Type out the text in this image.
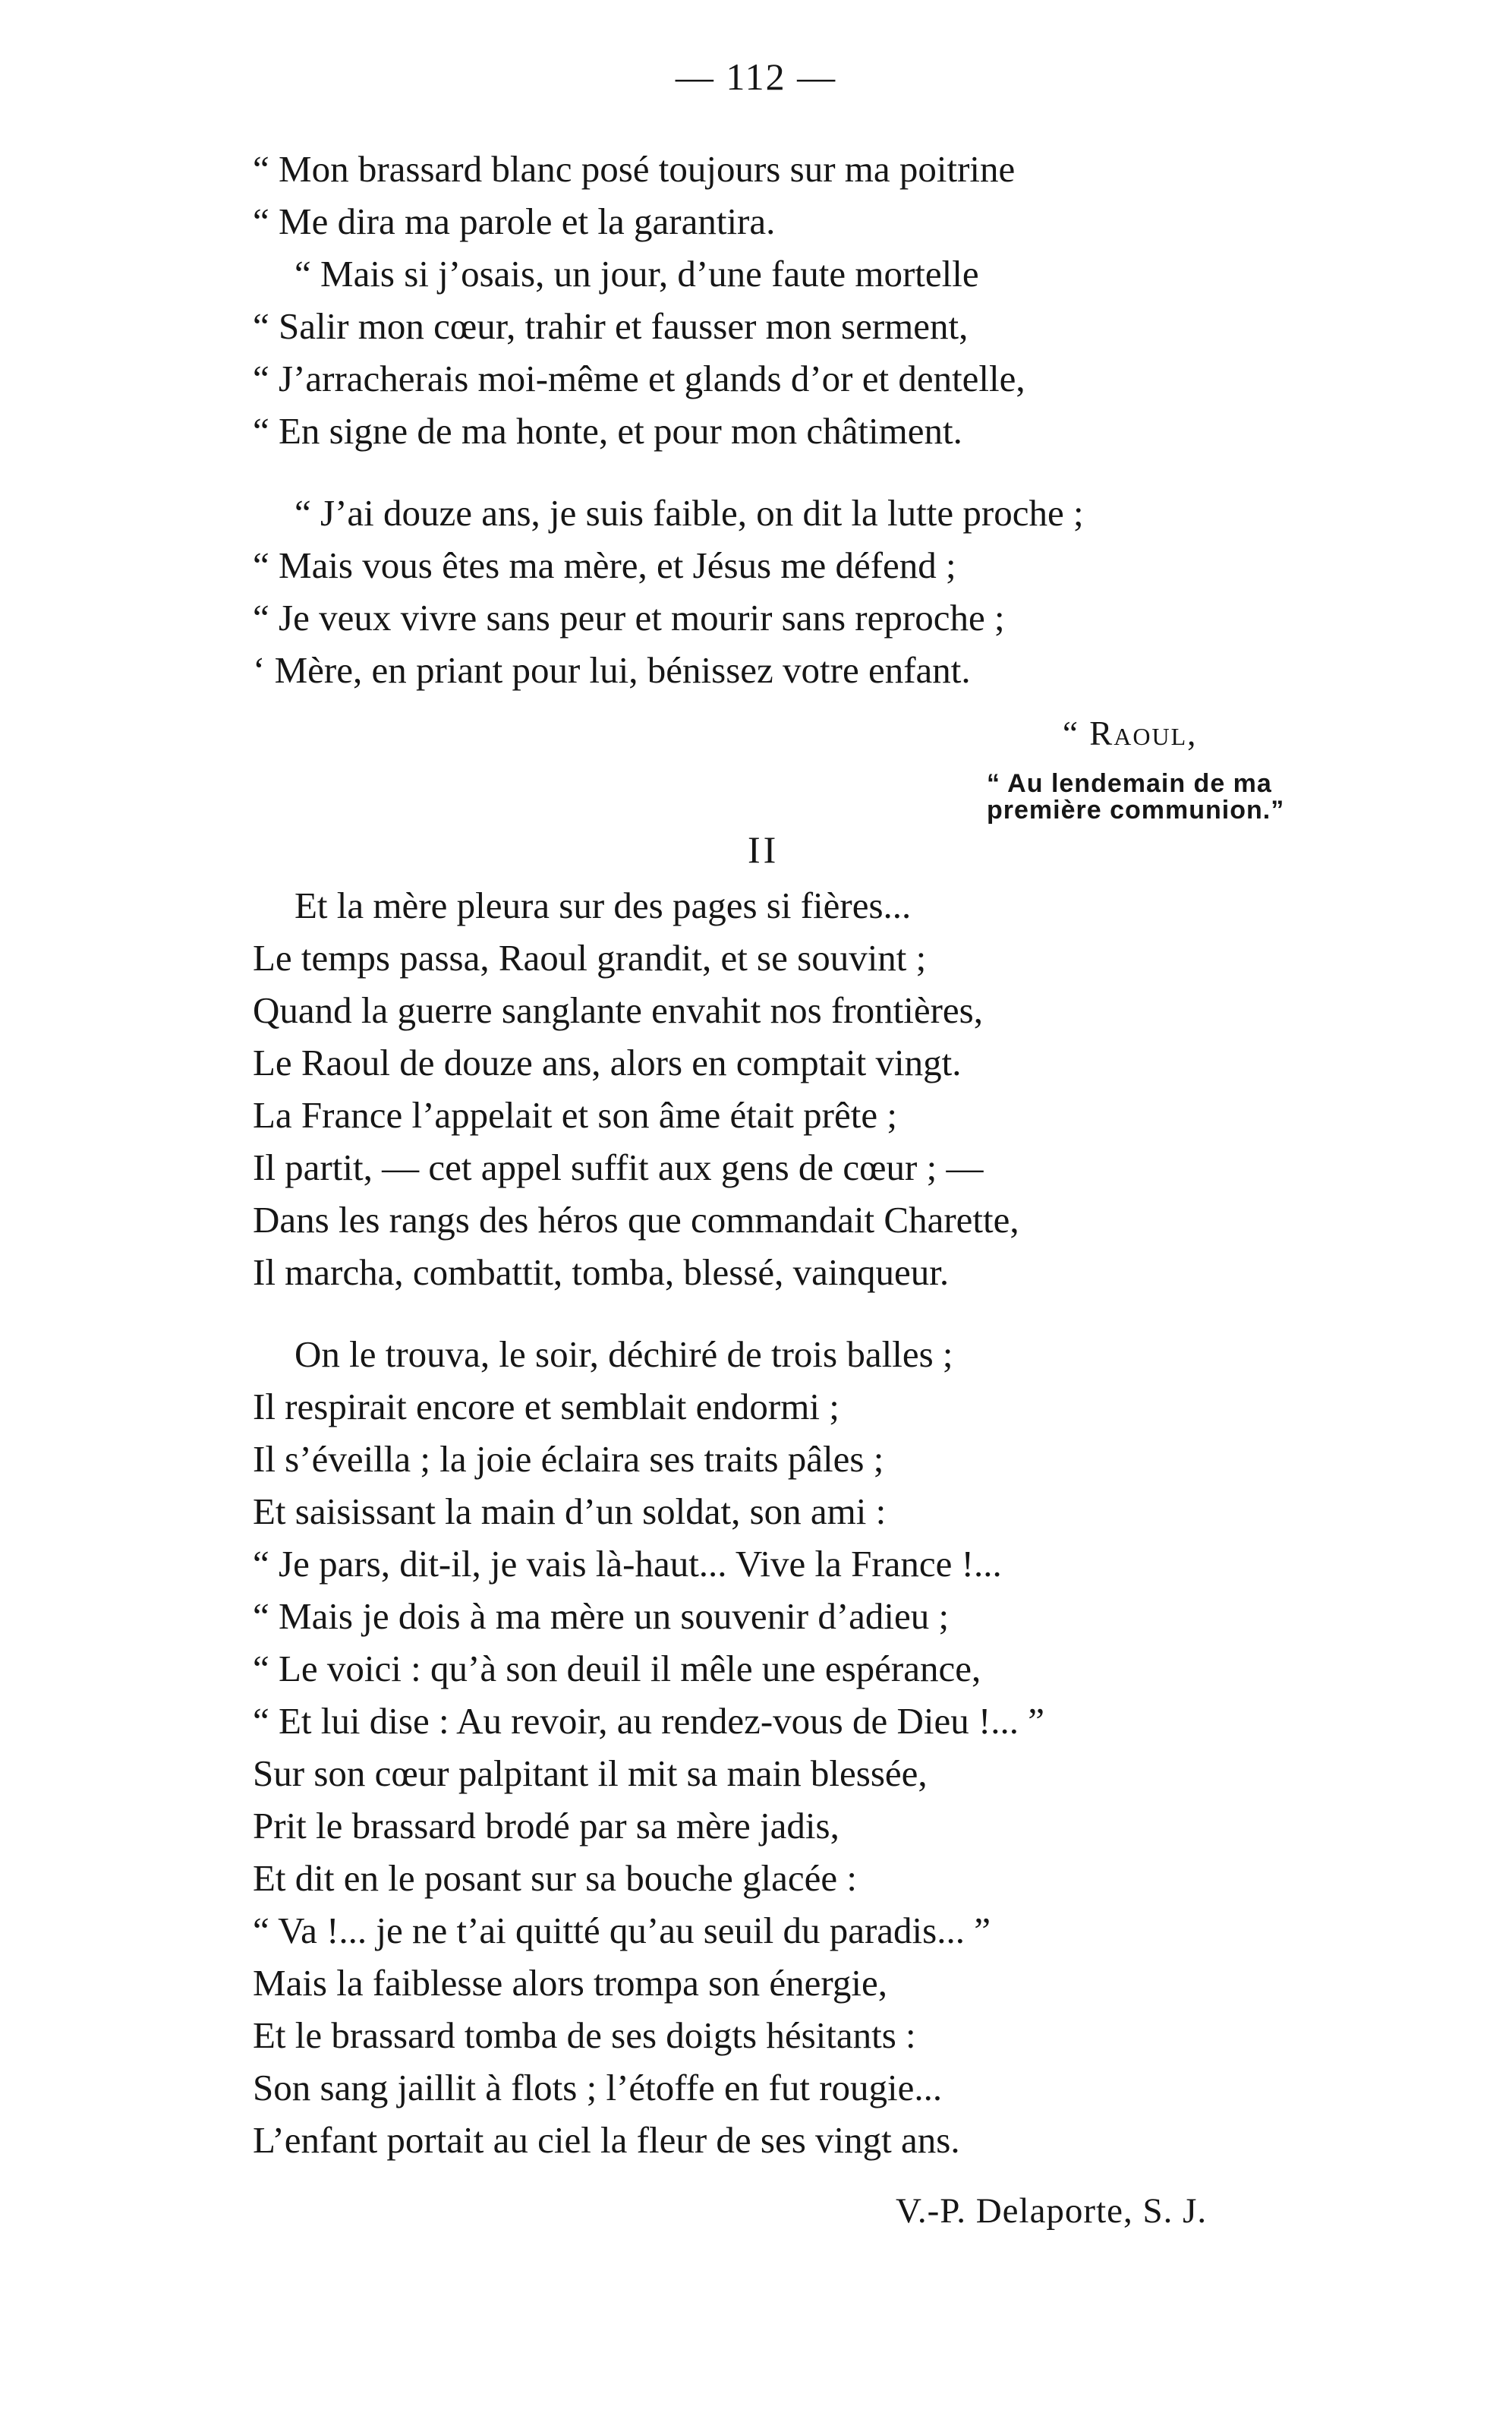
— 112 —
“ Mon brassard blanc posé toujours sur ma poitrine
“ Me dira ma parole et la garantira.
“ Mais si j’osais, un jour, d’une faute mortelle
“ Salir mon cœur, trahir et fausser mon serment,
“ J’arracherais moi-même et glands d’or et dentelle,
“ En signe de ma honte, et pour mon châtiment.
“ J’ai douze ans, je suis faible, on dit la lutte proche ;
“ Mais vous êtes ma mère, et Jésus me défend ;
“ Je veux vivre sans peur et mourir sans reproche ;
‘ Mère, en priant pour lui, bénissez votre enfant.
“ Raoul,
“ Au lendemain de ma
première communion.”
II
Et la mère pleura sur des pages si fières...
Le temps passa, Raoul grandit, et se souvint ;
Quand la guerre sanglante envahit nos frontières,
Le Raoul de douze ans, alors en comptait vingt.
La France l’appelait et son âme était prête ;
Il partit, — cet appel suffit aux gens de cœur ; —
Dans les rangs des héros que commandait Charette,
Il marcha, combattit, tomba, blessé, vainqueur.
On le trouva, le soir, déchiré de trois balles ;
Il respirait encore et semblait endormi ;
Il s’éveilla ; la joie éclaira ses traits pâles ;
Et saisissant la main d’un soldat, son ami :
“ Je pars, dit-il, je vais là-haut... Vive la France !...
“ Mais je dois à ma mère un souvenir d’adieu ;
“ Le voici : qu’à son deuil il mêle une espérance,
“ Et lui dise : Au revoir, au rendez-vous de Dieu !... ”
Sur son cœur palpitant il mit sa main blessée,
Prit le brassard brodé par sa mère jadis,
Et dit en le posant sur sa bouche glacée :
“ Va !... je ne t’ai quitté qu’au seuil du paradis... ”
Mais la faiblesse alors trompa son énergie,
Et le brassard tomba de ses doigts hésitants :
Son sang jaillit à flots ; l’étoffe en fut rougie...
L’enfant portait au ciel la fleur de ses vingt ans.
V.-P. Delaporte, S. J.
